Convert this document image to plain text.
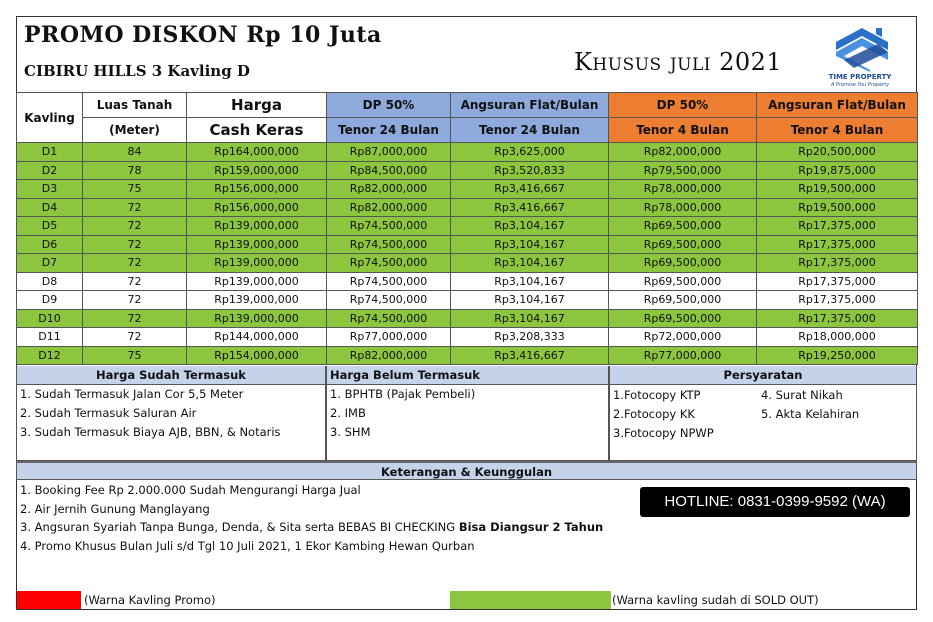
PROMO DISKON Rp 10 Juta
CIBIRU HILLS 3 Kavling D	Khusus juli 2021
TIME PROPERTY
A Promise You Property
Kavling	Luas Tanah	Harga	DP 50%	Angsuran Flat/Bulan	DP 50%	Angsuran Flat/Bulan
	(Meter)	Cash Keras	Tenor 24 Bulan	Tenor 24 Bulan	Tenor 4 Bulan	Tenor 4 Bulan
D1	84	Rp164,000,000	Rp87,000,000	Rp3,625,000	Rp82,000,000	Rp20,500,000
D2	78	Rp159,000,000	Rp84,500,000	Rp3,520,833	Rp79,500,000	Rp19,875,000
D3	75	Rp156,000,000	Rp82,000,000	Rp3,416,667	Rp78,000,000	Rp19,500,000
D4	72	Rp156,000,000	Rp82,000,000	Rp3,416,667	Rp78,000,000	Rp19,500,000
D5	72	Rp139,000,000	Rp74,500,000	Rp3,104,167	Rp69,500,000	Rp17,375,000
D6	72	Rp139,000,000	Rp74,500,000	Rp3,104,167	Rp69,500,000	Rp17,375,000
D7	72	Rp139,000,000	Rp74,500,000	Rp3,104,167	Rp69,500,000	Rp17,375,000
D8	72	Rp139,000,000	Rp74,500,000	Rp3,104,167	Rp69,500,000	Rp17,375,000
D9	72	Rp139,000,000	Rp74,500,000	Rp3,104,167	Rp69,500,000	Rp17,375,000
D10	72	Rp139,000,000	Rp74,500,000	Rp3,104,167	Rp69,500,000	Rp17,375,000
D11	72	Rp144,000,000	Rp77,000,000	Rp3,208,333	Rp72,000,000	Rp18,000,000
D12	75	Rp154,000,000	Rp82,000,000	Rp3,416,667	Rp77,000,000	Rp19,250,000
Harga Sudah Termasuk
1. Sudah Termasuk Jalan Cor 5,5 Meter
2. Sudah Termasuk Saluran Air
3. Sudah Termasuk Biaya AJB, BBN, & Notaris
Harga Belum Termasuk
1. BPHTB (Pajak Pembeli)
2. IMB
3. SHM
Persyaratan
1.Fotocopy KTP
2.Fotocopy KK
3.Fotocopy NPWP
4. Surat Nikah
5. Akta Kelahiran
Keterangan & Keunggulan
1. Booking Fee Rp 2.000.000 Sudah Mengurangi Harga Jual
2. Air Jernih Gunung Manglayang
3. Angsuran Syariah Tanpa Bunga, Denda, & Sita serta BEBAS BI CHECKING Bisa Diangsur 2 Tahun
4. Promo Khusus Bulan Juli s/d Tgl 10 Juli 2021, 1 Ekor Kambing Hewan Qurban
HOTLINE: 0831-0399-9592 (WA)
(Warna Kavling Promo)	(Warna kavling sudah di SOLD OUT)
